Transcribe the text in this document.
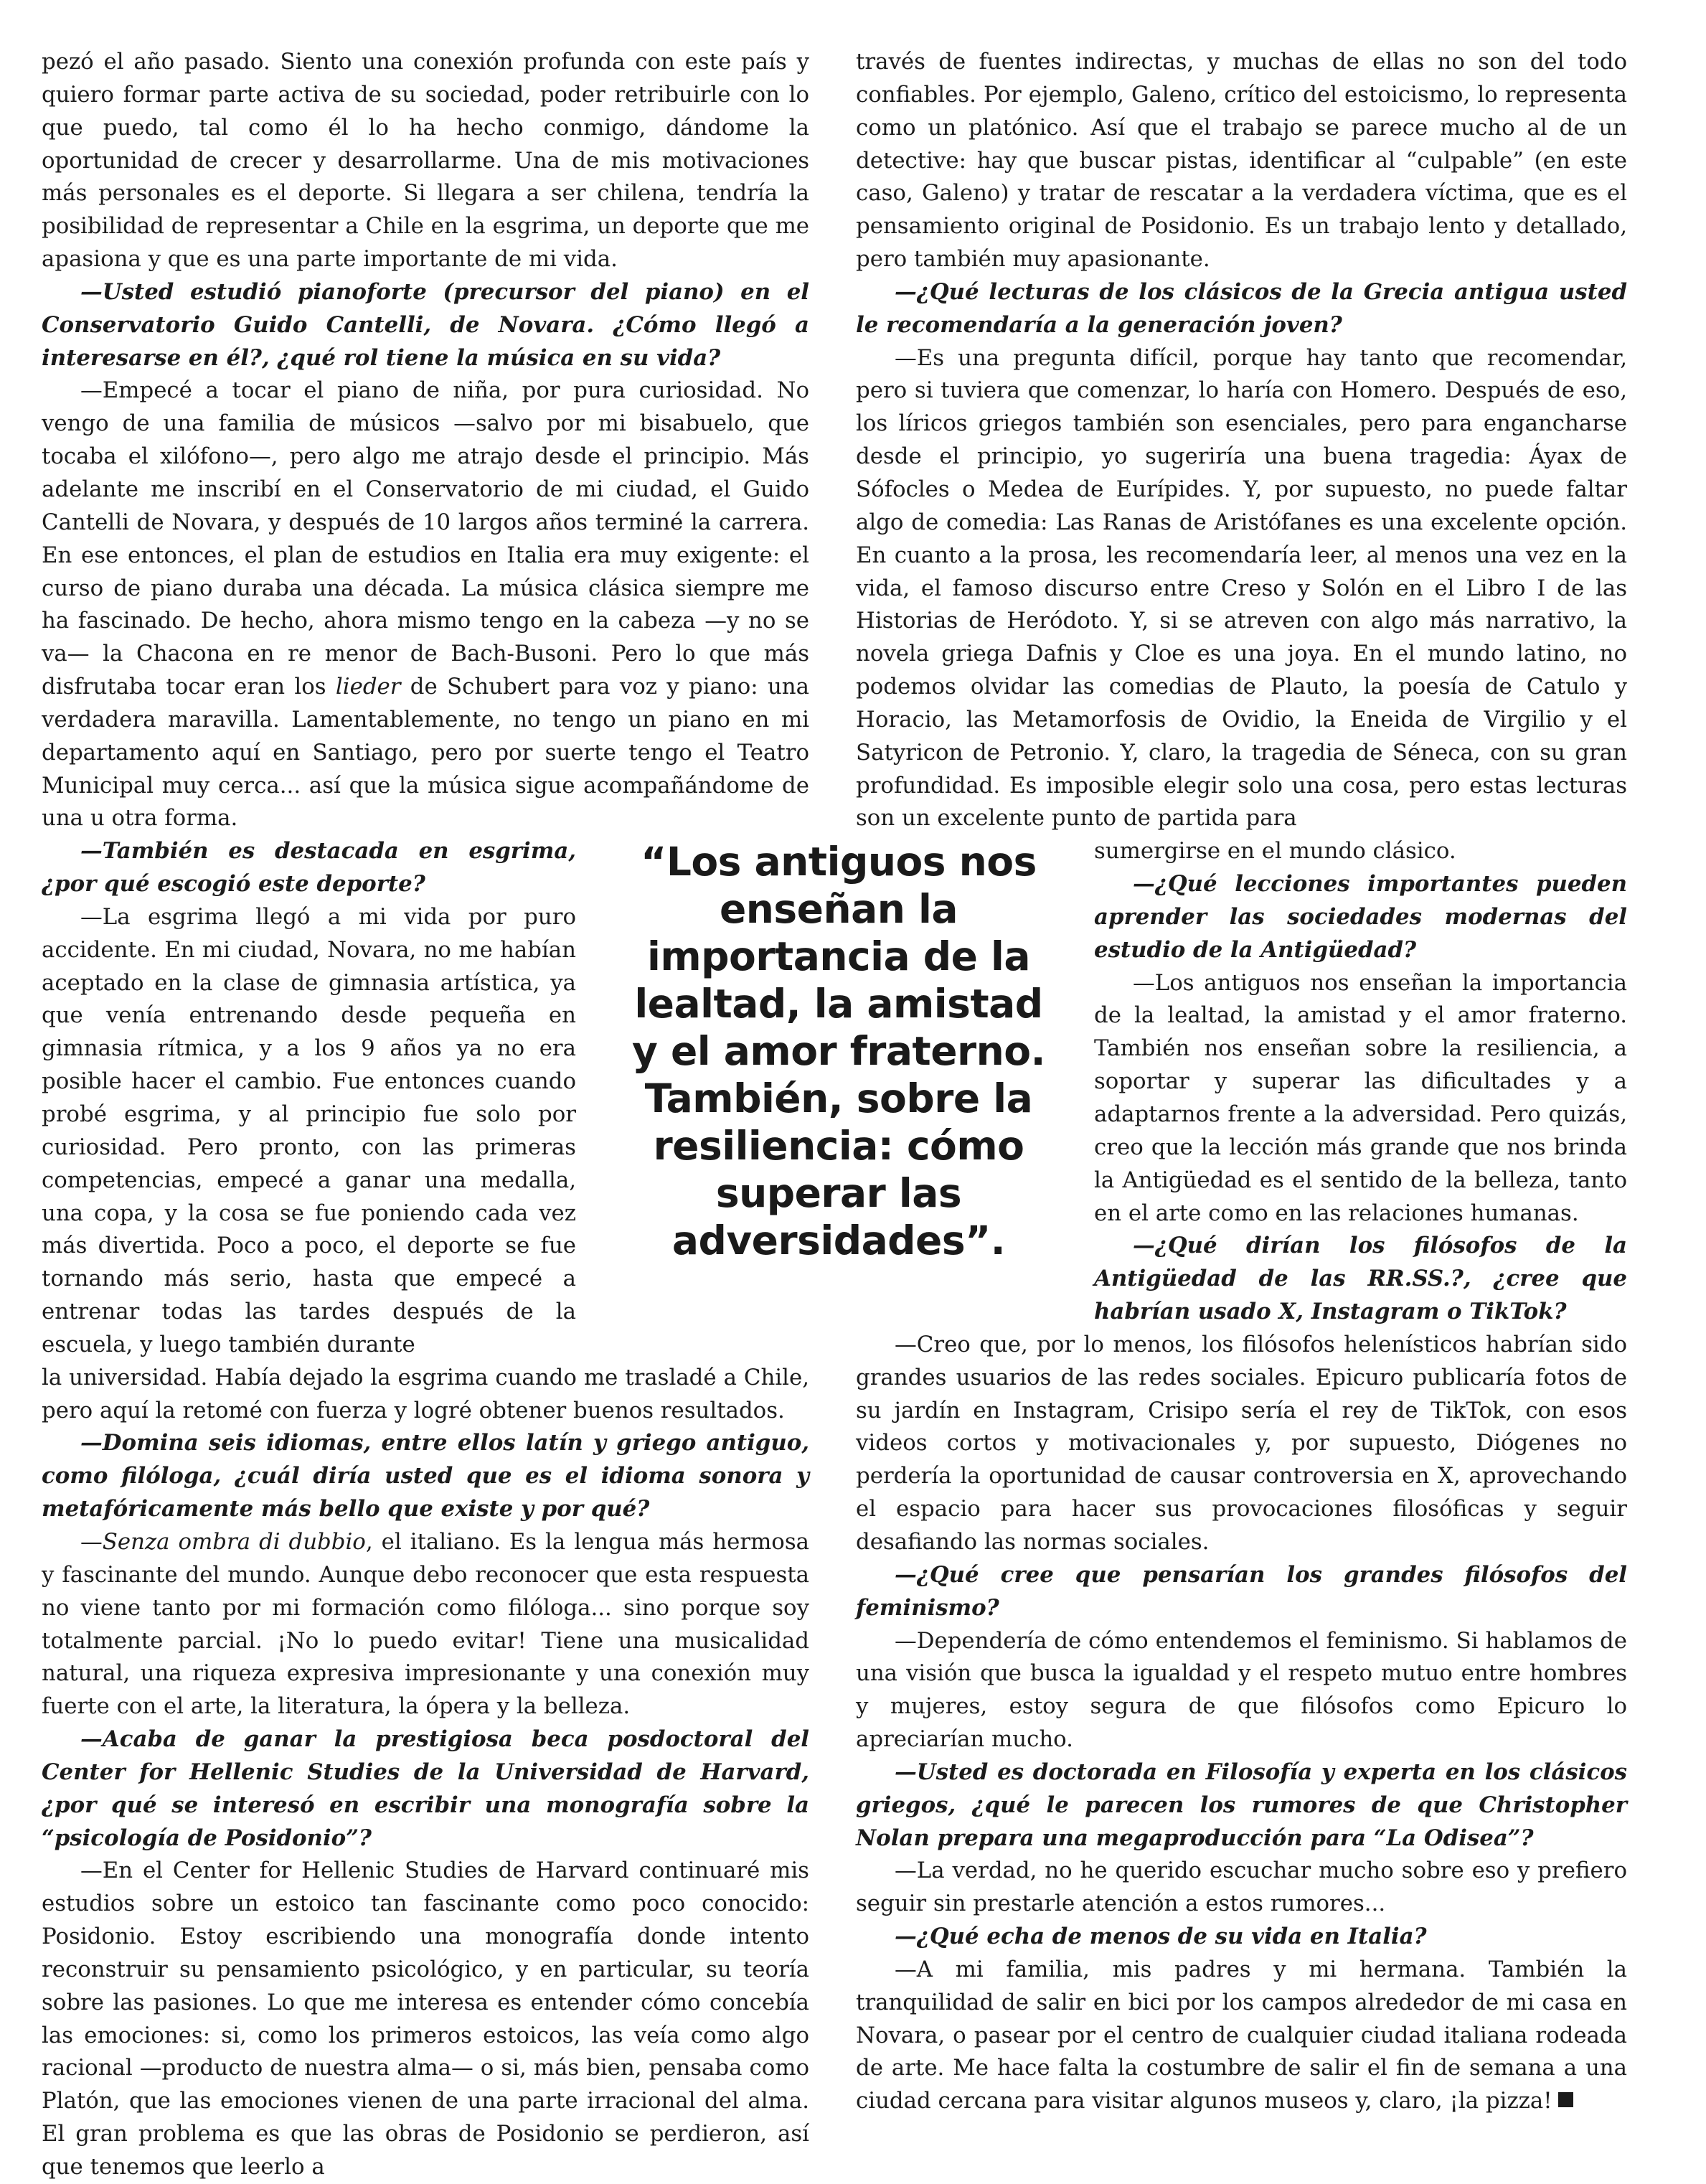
pezó el año pasado. Siento una conexión profunda con este país y quiero formar parte activa de su sociedad, poder retribuirle con lo que puedo, tal como él lo ha hecho conmigo, dándome la oportunidad de crecer y desarrollarme. Una de mis motivaciones más personales es el deporte. Si llegara a ser chilena, tendría la posibilidad de representar a Chile en la esgrima, un deporte que me apasiona y que es una parte importante de mi vida.

—Usted estudió pianoforte (precursor del piano) en el Conservatorio Guido Cantelli, de Novara. ¿Cómo llegó a interesarse en él?, ¿qué rol tiene la música en su vida?

—Empecé a tocar el piano de niña, por pura curiosidad. No vengo de una familia de músicos —salvo por mi bisabuelo, que tocaba el xilófono—, pero algo me atrajo desde el principio. Más adelante me inscribí en el Conservatorio de mi ciudad, el Guido Cantelli de Novara, y después de 10 largos años terminé la carrera. En ese entonces, el plan de estudios en Italia era muy exigente: el curso de piano duraba una década. La música clásica siempre me ha fascinado. De hecho, ahora mismo tengo en la cabeza —y no se va— la Chacona en re menor de Bach-Busoni. Pero lo que más disfrutaba tocar eran los lieder de Schubert para voz y piano: una verdadera maravilla. Lamentablemente, no tengo un piano en mi departamento aquí en Santiago, pero por suerte tengo el Teatro Municipal muy cerca... así que la música sigue acompañándome de una u otra forma.

—También es destacada en esgrima, ¿por qué escogió este deporte?

—La esgrima llegó a mi vida por puro accidente. En mi ciudad, Novara, no me habían aceptado en la clase de gimnasia artística, ya que venía entrenando desde pequeña en gimnasia rítmica, y a los 9 años ya no era posible hacer el cambio. Fue entonces cuando probé esgrima, y al principio fue solo por curiosidad. Pero pronto, con las primeras competencias, empecé a ganar una medalla, una copa, y la cosa se fue poniendo cada vez más divertida. Poco a poco, el deporte se fue tornando más serio, hasta que empecé a entrenar todas las tardes después de la escuela, y luego también durante

la universidad. Había dejado la esgrima cuando me trasladé a Chile, pero aquí la retomé con fuerza y logré obtener buenos resultados.

—Domina seis idiomas, entre ellos latín y griego antiguo, como filóloga, ¿cuál diría usted que es el idioma sonora y metafóricamente más bello que existe y por qué?

—Senza ombra di dubbio, el italiano. Es la lengua más hermosa y fascinante del mundo. Aunque debo reconocer que esta respuesta no viene tanto por mi formación como filóloga... sino porque soy totalmente parcial. ¡No lo puedo evitar! Tiene una musicalidad natural, una riqueza expresiva impresionante y una conexión muy fuerte con el arte, la literatura, la ópera y la belleza.

—Acaba de ganar la prestigiosa beca posdoctoral del Center for Hellenic Studies de la Universidad de Harvard, ¿por qué se interesó en escribir una monografía sobre la “psicología de Posidonio”?

—En el Center for Hellenic Studies de Harvard continuaré mis estudios sobre un estoico tan fascinante como poco conocido: Posidonio. Estoy escribiendo una monografía donde intento reconstruir su pensamiento psicológico, y en particular, su teoría sobre las pasiones. Lo que me interesa es entender cómo concebía las emociones: si, como los primeros estoicos, las veía como algo racional —producto de nuestra alma— o si, más bien, pensaba como Platón, que las emociones vienen de una parte irracional del alma. El gran problema es que las obras de Posidonio se perdieron, así que tenemos que leerlo a

través de fuentes indirectas, y muchas de ellas no son del todo confiables. Por ejemplo, Galeno, crítico del estoicismo, lo representa como un platónico. Así que el trabajo se parece mucho al de un detective: hay que buscar pistas, identificar al “culpable” (en este caso, Galeno) y tratar de rescatar a la verdadera víctima, que es el pensamiento original de Posidonio. Es un trabajo lento y detallado, pero también muy apasionante.

—¿Qué lecturas de los clásicos de la Grecia antigua usted le recomendaría a la generación joven?

—Es una pregunta difícil, porque hay tanto que recomendar, pero si tuviera que comenzar, lo haría con Homero. Después de eso, los líricos griegos también son esenciales, pero para engancharse desde el principio, yo sugeriría una buena tragedia: Áyax de Sófocles o Medea de Eurípides. Y, por supuesto, no puede faltar algo de comedia: Las Ranas de Aristófanes es una excelente opción. En cuanto a la prosa, les recomendaría leer, al menos una vez en la vida, el famoso discurso entre Creso y Solón en el Libro I de las Historias de Heródoto. Y, si se atreven con algo más narrativo, la novela griega Dafnis y Cloe es una joya. En el mundo latino, no podemos olvidar las comedias de Plauto, la poesía de Catulo y Horacio, las Metamorfosis de Ovidio, la Eneida de Virgilio y el Satyricon de Petronio. Y, claro, la tragedia de Séneca, con su gran profundidad. Es imposible elegir solo una cosa, pero estas lecturas son un excelente punto de partida para

sumergirse en el mundo clásico.

—¿Qué lecciones importantes pueden aprender las sociedades modernas del estudio de la Antigüedad?

—Los antiguos nos enseñan la importancia de la lealtad, la amistad y el amor fraterno. También nos enseñan sobre la resiliencia, a soportar y superar las dificultades y a adaptarnos frente a la adversidad. Pero quizás, creo que la lección más grande que nos brinda la Antigüedad es el sentido de la belleza, tanto en el arte como en las relaciones humanas.

—¿Qué dirían los filósofos de la Antigüedad de las RR.SS.?, ¿cree que habrían usado X, Instagram o TikTok?

—Creo que, por lo menos, los filósofos helenísticos habrían sido grandes usuarios de las redes sociales. Epicuro publicaría fotos de su jardín en Instagram, Crisipo sería el rey de TikTok, con esos videos cortos y motivacionales y, por supuesto, Diógenes no perdería la oportunidad de causar controversia en X, aprovechando el espacio para hacer sus provocaciones filosóficas y seguir desafiando las normas sociales.

—¿Qué cree que pensarían los grandes filósofos del feminismo?

—Dependería de cómo entendemos el feminismo. Si hablamos de una visión que busca la igualdad y el respeto mutuo entre hombres y mujeres, estoy segura de que filósofos como Epicuro lo apreciarían mucho.

—Usted es doctorada en Filosofía y experta en los clásicos griegos, ¿qué le parecen los rumores de que Christopher Nolan prepara una megaproducción para “La Odisea”?

—La verdad, no he querido escuchar mucho sobre eso y prefiero seguir sin prestarle atención a estos rumores...

—¿Qué echa de menos de su vida en Italia?

—A mi familia, mis padres y mi hermana. También la tranquilidad de salir en bici por los campos alrededor de mi casa en Novara, o pasear por el centro de cualquier ciudad italiana rodeada de arte. Me hace falta la costumbre de salir el fin de semana a una ciudad cercana para visitar algunos museos y, claro, ¡la pizza!

“Los antiguos nos enseñan la importancia de la lealtad, la amistad y el amor fraterno. También, sobre la resiliencia: cómo superar las adversidades”.
